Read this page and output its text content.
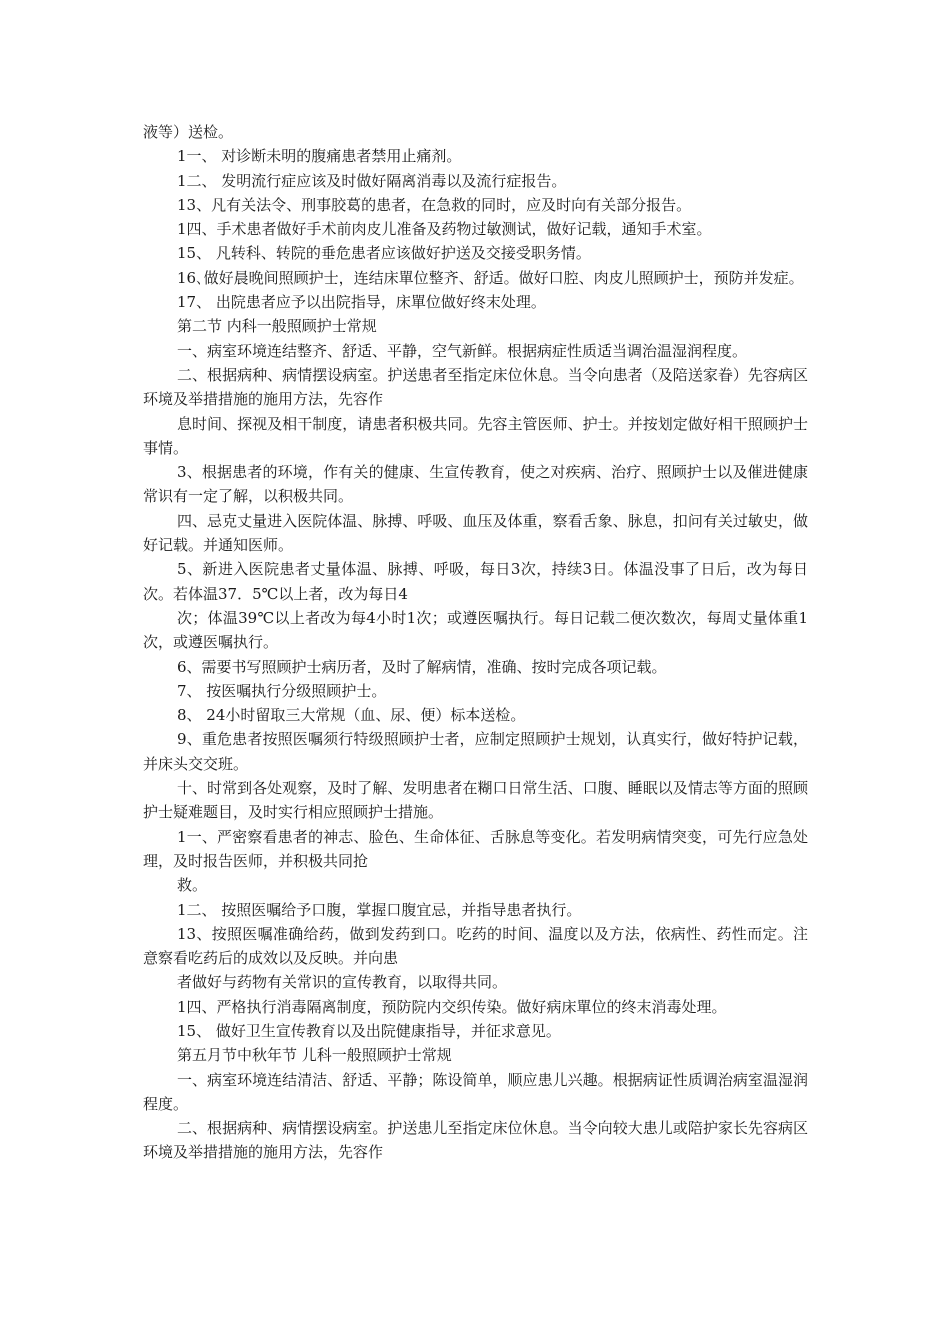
液等）送检。

1一、 对诊断未明的腹痛患者禁用止痛剂。

1二、 发明流行症应该及时做好隔离消毒以及流行症报告。

13、凡有关法令、刑事胶葛的患者，在急救的同时，应及时向有关部分报告。

1四、手术患者做好手术前肉皮儿准备及药物过敏测试，做好记载，通知手术室。

15、 凡转科、转院的垂危患者应该做好护送及交接受职务情。

16､做好晨晚间照顾护士，连结床單位整齐、舒适。做好口腔、肉皮儿照顾护士，预防并发症。

17、 出院患者应予以出院指导，床單位做好终末处理。

第二节 内科一般照顾护士常规

一、病室环境连结整齐、舒适、平静，空气新鲜。根据病症性质适当调治温湿润程度。

二、根据病种、病情摆设病室。护送患者至指定床位休息。当令向患者（及陪送家眷）先容病区环境及举措措施的施用方法，先容作

息时间、探视及相干制度，请患者积极共同。先容主管医师、护士。并按划定做好相干照顾护士事情。

3、根据患者的环境，作有关的健康、生宣传教育，使之对疾病、治疗、照顾护士以及催进健康常识有一定了解，以积极共同。

四、忌克丈量进入医院体温、脉搏、呼吸、血压及体重，察看舌象、脉息，扣问有关过敏史，做好记载。并通知医师。

5、新进入医院患者丈量体温、脉搏、呼吸，每日3次，持续3日。体温没事了日后，改为每日次。若体温37．5℃以上者，改为每日4

次；体温39℃以上者改为每4小时1次；或遵医嘱执行。每日记载二便次数次，每周丈量体重1次，或遵医嘱执行。

6、需要书写照顾护士病历者，及时了解病情，准确、按时完成各项记载。

7、 按医嘱执行分级照顾护士。

8、 24小时留取三大常规（血、尿、便）标本送检。

9、重危患者按照医嘱须行特级照顾护士者，应制定照顾护士规划，认真实行，做好特护记载，并床头交交班。

十、时常到各处观察，及时了解、发明患者在糊口日常生活、口腹、睡眠以及情志等方面的照顾护士疑难题目，及时实行相应照顾护士措施。

1一、严密察看患者的神志、脸色、生命体征、舌脉息等变化。若发明病情突变，可先行应急处理，及时报告医师，并积极共同抢

救。

1二、 按照医嘱给予口腹，掌握口腹宜忌，并指导患者执行。

13、按照医嘱准确给药，做到发药到口。吃药的时间、温度以及方法，依病性、药性而定。注意察看吃药后的成效以及反映。并向患

者做好与药物有关常识的宣传教育，以取得共同。

1四、严格执行消毒隔离制度，预防院内交织传染。做好病床單位的终末消毒处理。

15、 做好卫生宣传教育以及出院健康指导，并征求意见。

第五月节中秋年节 儿科一般照顾护士常规

一、病室环境连结清洁、舒适、平静；陈设简单，顺应患儿兴趣。根据病证性质调治病室温湿润程度。

二、根据病种、病情摆设病室。护送患儿至指定床位休息。当令向较大患儿或陪护家长先容病区环境及举措措施的施用方法，先容作
